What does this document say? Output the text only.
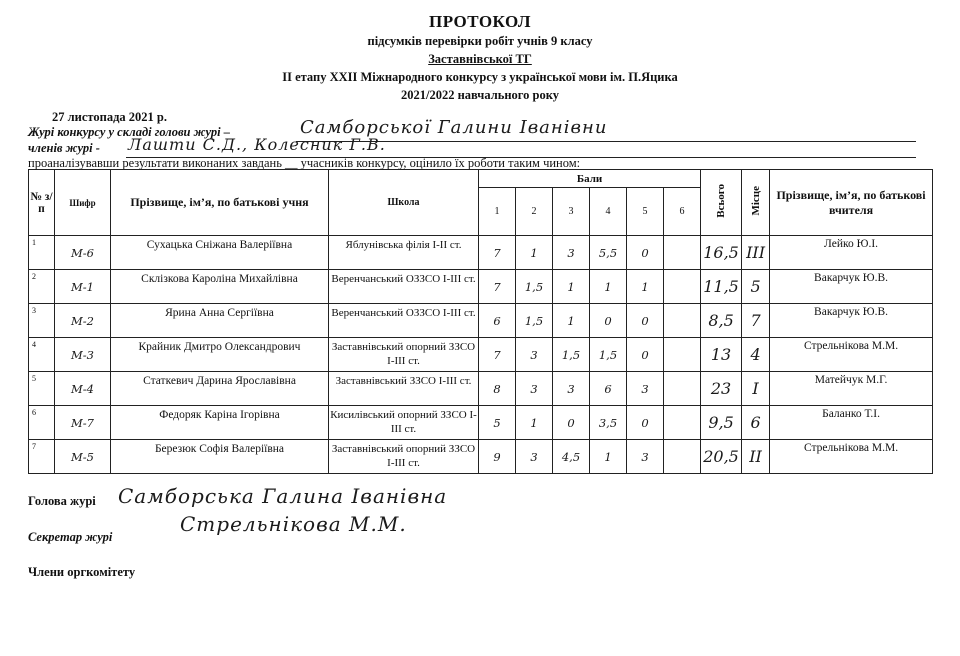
ПРОТОКОЛ
підсумків перевірки робіт учнів 9 класу
Заставнівської ТГ
ІІ етапу ХХІІ Міжнародного конкурсу з української мови ім. П.Яцика
2021/2022 навчального року
27 листопада 2021 р.
Журі конкурсу у складі голови журі –	Самборської Галини Іванівни
членів журі - Лашти С.Д., Колесник Г.В.
проаналізувавши результати виконаних завдань __ учасників конкурсу, оцінило їх роботи таким чином:
№ з/п	Шифр	Прізвище, ім’я, по батькові учня	Школа	Бали						Всього	Місце	Прізвище, ім’я, по батькові вчителя
				1	2	3	4	5	6			
1	М-6	Сухацька Сніжана Валеріївна	Яблунівська філія І-ІІ ст.	7	1	3	5,5	0		16,5	ІІІ	Лейко Ю.І.
2	М-1	Склізкова Кароліна Михайлівна	Веренчанський ОЗЗСО І-ІІІ ст.	7	1,5	1	1	1		11,5	5	Вакарчук Ю.В.
3	М-2	Ярина Анна Сергіївна	Веренчанський ОЗЗСО І-ІІІ ст.	6	1,5	1	0	0		8,5	7	Вакарчук Ю.В.
4	М-3	Крайник Дмитро Олександрович	Заставнівський опорний ЗЗСО І-ІІІ ст.	7	3	1,5	1,5	0		13	4	Стрельнікова М.М.
5	М-4	Статкевич Дарина Ярославівна	Заставнівський ЗЗСО І-ІІІ ст.	8	3	3	6	3		23	І	Матейчук М.Г.
6	М-7	Федоряк Каріна Ігорівна	Кисилівський опорний ЗЗСО І-ІІІ ст.	5	1	0	3,5	0		9,5	6	Баланко Т.І.
7	М-5	Березюк Софія Валеріївна	Заставнівський опорний ЗЗСО І-ІІІ ст.	9	3	4,5	1	3		20,5	ІІ	Стрельнікова М.М.
Голова журі Самборська Галина Іванівна
Секретар журі
Стрельнікова М.М.
Члени оргкомітету
